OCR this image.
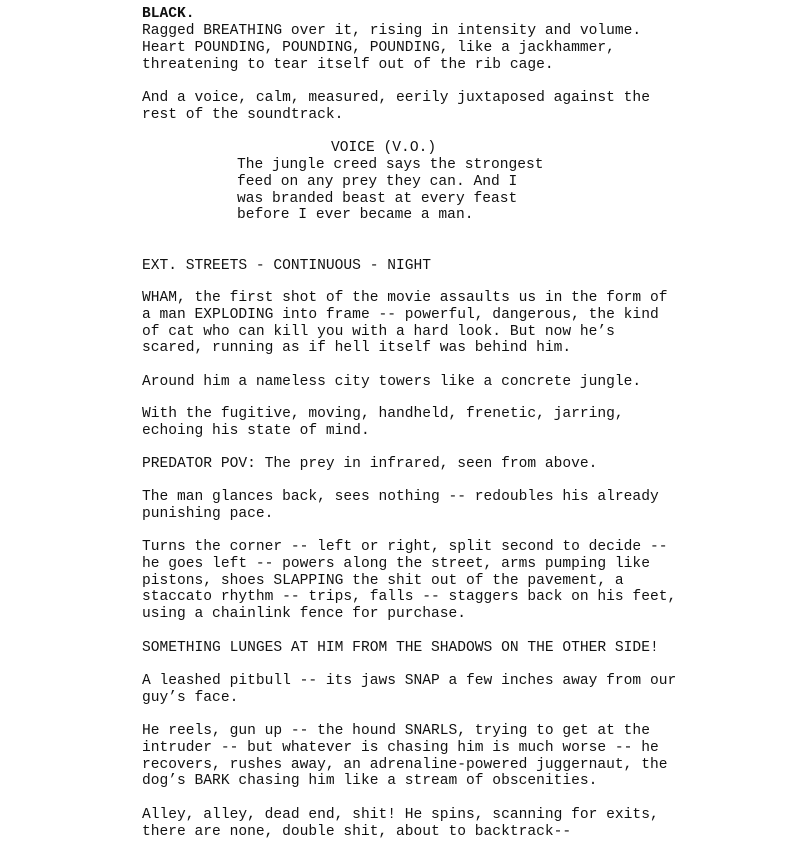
BLACK.
Ragged BREATHING over it, rising in intensity and volume.
Heart POUNDING, POUNDING, POUNDING, like a jackhammer,
threatening to tear itself out of the rib cage.
And a voice, calm, measured, eerily juxtaposed against the
rest of the soundtrack.
VOICE (V.O.)
The jungle creed says the strongest
feed on any prey they can. And I
was branded beast at every feast
before I ever became a man.
EXT. STREETS - CONTINUOUS - NIGHT
WHAM, the first shot of the movie assaults us in the form of
a man EXPLODING into frame -- powerful, dangerous, the kind
of cat who can kill you with a hard look. But now he’s
scared, running as if hell itself was behind him.
Around him a nameless city towers like a concrete jungle.
With the fugitive, moving, handheld, frenetic, jarring,
echoing his state of mind.
PREDATOR POV: The prey in infrared, seen from above.
The man glances back, sees nothing -- redoubles his already
punishing pace.
Turns the corner -- left or right, split second to decide --
he goes left -- powers along the street, arms pumping like
pistons, shoes SLAPPING the shit out of the pavement, a
staccato rhythm -- trips, falls -- staggers back on his feet,
using a chainlink fence for purchase.
SOMETHING LUNGES AT HIM FROM THE SHADOWS ON THE OTHER SIDE!
A leashed pitbull -- its jaws SNAP a few inches away from our
guy’s face.
He reels, gun up -- the hound SNARLS, trying to get at the
intruder -- but whatever is chasing him is much worse -- he
recovers, rushes away, an adrenaline-powered juggernaut, the
dog’s BARK chasing him like a stream of obscenities.
Alley, alley, dead end, shit! He spins, scanning for exits,
there are none, double shit, about to backtrack--
